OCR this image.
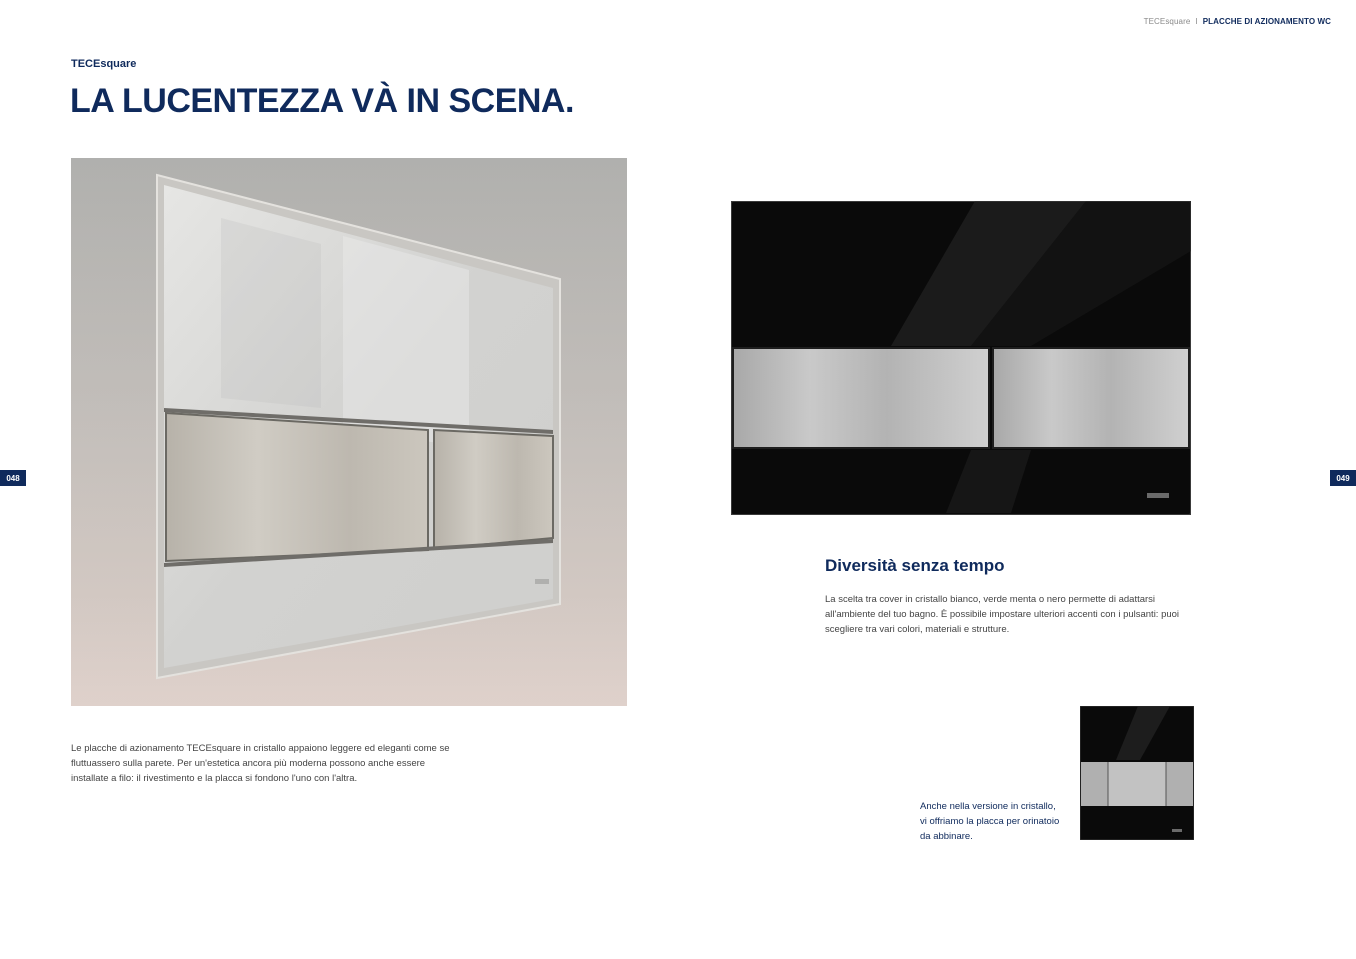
TECEsquare I PLACCHE DI AZIONAMENTO WC
TECEsquare
LA LUCENTEZZA VÀ IN SCENA.
048	049

Le placche di azionamento TECEsquare in cristallo appaiono leggere ed eleganti come se fluttuassero sulla parete. Per un'estetica ancora più moderna possono anche essere installate a filo: il rivestimento e la placca si fondono l'uno con l'altra.

Diversità senza tempo

La scelta tra cover in cristallo bianco, verde menta o nero permette di adattarsi all'ambiente del tuo bagno. È possibile impostare ulteriori accenti con i pulsanti: puoi scegliere tra vari colori, materiali e strutture.

Anche nella versione in cristallo, vi offriamo la placca per orinatoio da abbinare.
